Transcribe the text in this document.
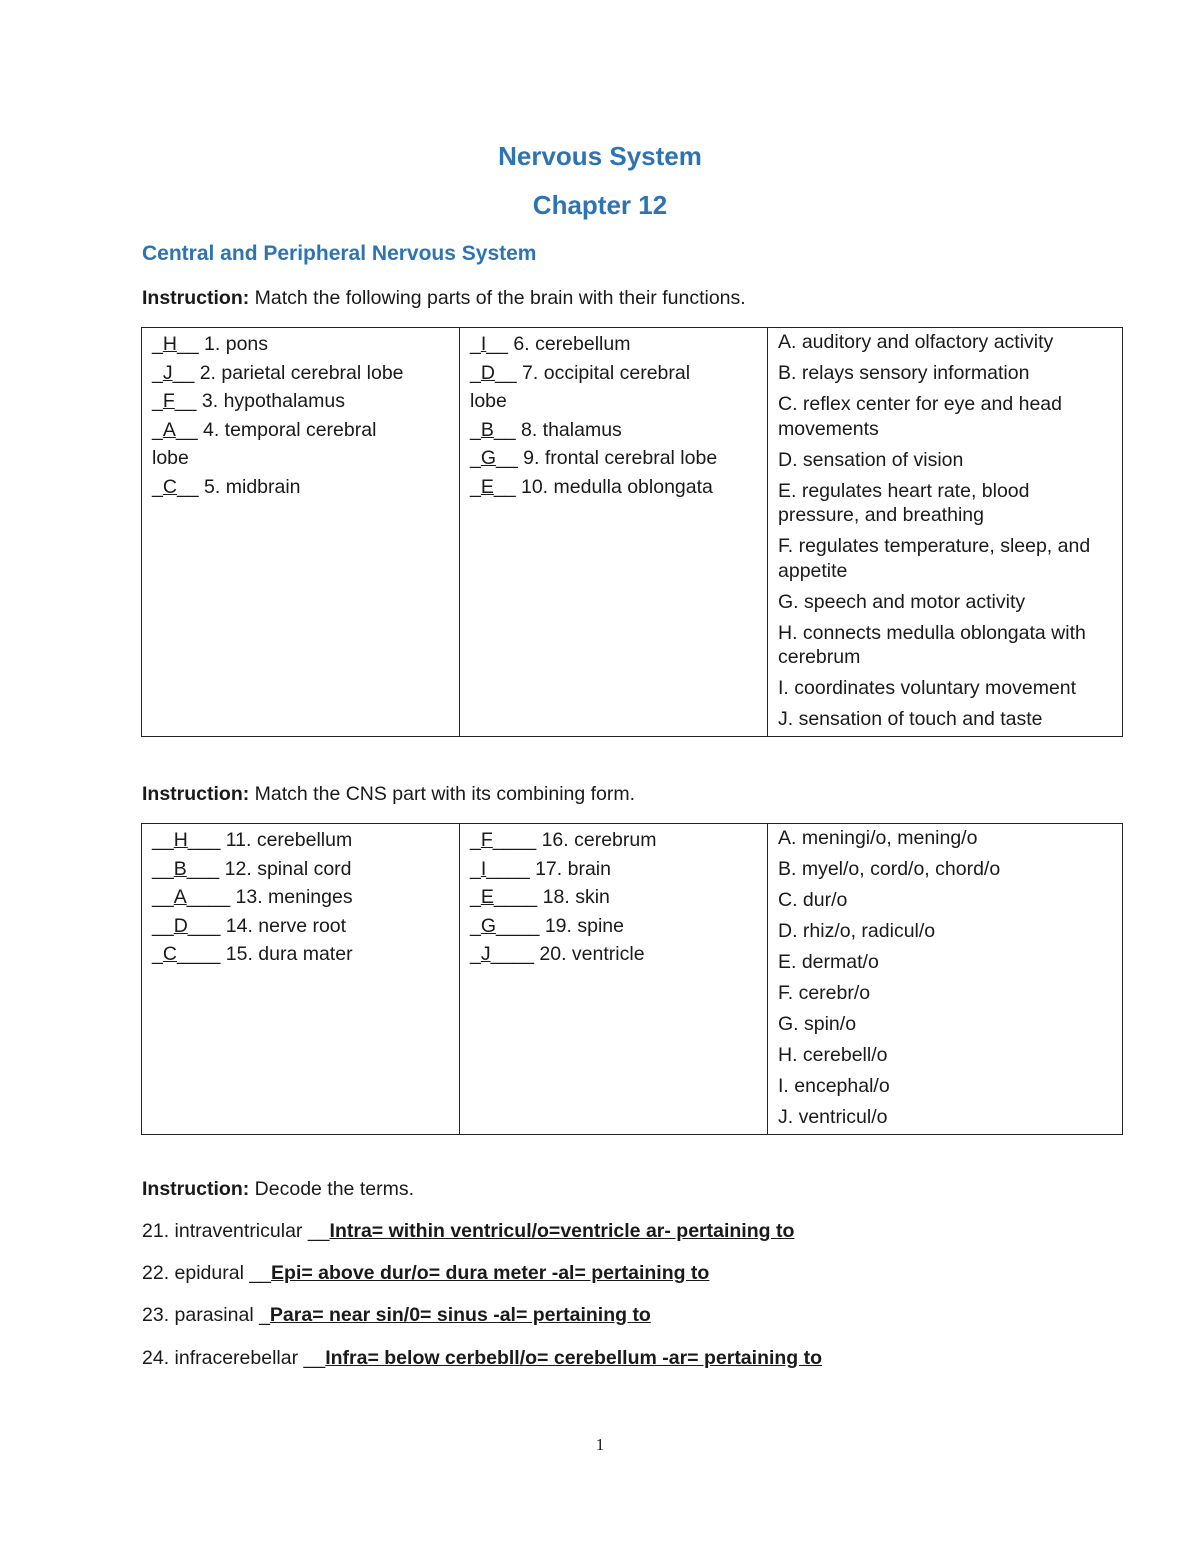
Nervous System
Chapter 12
Central and Peripheral Nervous System
Instruction: Match the following parts of the brain with their functions.
_H__ 1. pons
_J__ 2. parietal cerebral lobe
_F__ 3. hypothalamus
_A__ 4. temporal cerebral
lobe
_C__ 5. midbrain

_I__ 6. cerebellum
_D__ 7. occipital cerebral
lobe
_B__ 8. thalamus
_G__ 9. frontal cerebral lobe
_E__ 10. medulla oblongata

A. auditory and olfactory activity
B. relays sensory information
C. reflex center for eye and head movements
D. sensation of vision
E. regulates heart rate, blood pressure, and breathing
F. regulates temperature, sleep, and appetite
G. speech and motor activity
H. connects medulla oblongata with cerebrum
I. coordinates voluntary movement
J. sensation of touch and taste
Instruction: Match the CNS part with its combining form.
__H___ 11. cerebellum
__B___ 12. spinal cord
__A____ 13. meninges
__D___ 14. nerve root
_C____ 15. dura mater

_F____ 16. cerebrum
_I____ 17. brain
_E____ 18. skin
_G____ 19. spine
_J____ 20. ventricle

A. meningi/o, mening/o
B. myel/o, cord/o, chord/o
C. dur/o
D. rhiz/o, radicul/o
E. dermat/o
F. cerebr/o
G. spin/o
H. cerebell/o
I. encephal/o
J. ventricul/o
Instruction: Decode the terms.
21. intraventricular __Intra= within ventricul/o=ventricle ar- pertaining to
22. epidural __Epi= above dur/o= dura meter -al= pertaining to
23. parasinal _Para= near sin/0= sinus -al= pertaining to
24. infracerebellar __Infra= below cerbebll/o= cerebellum -ar= pertaining to
1
